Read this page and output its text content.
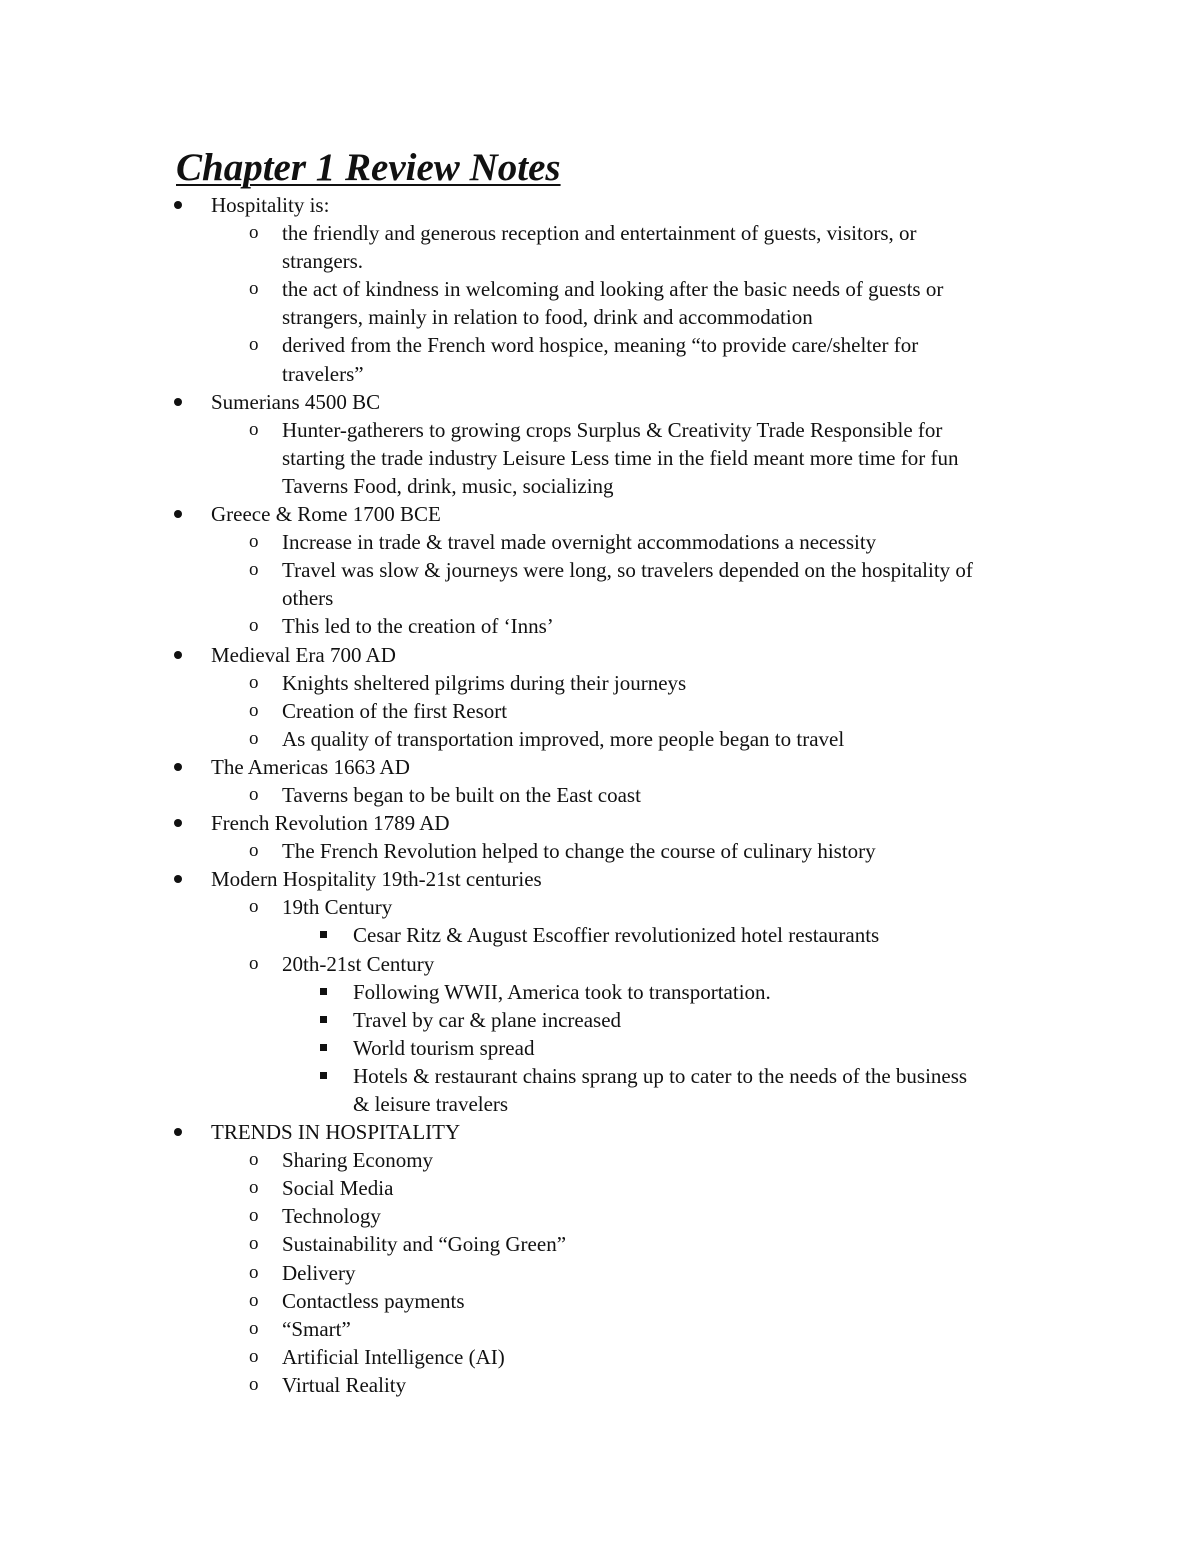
Chapter 1 Review Notes
Hospitality is:
o the friendly and generous reception and entertainment of guests, visitors, or
strangers.
o the act of kindness in welcoming and looking after the basic needs of guests or
strangers, mainly in relation to food, drink and accommodation
o derived from the French word hospice, meaning “to provide care/shelter for
travelers”
Sumerians 4500 BC
o Hunter-gatherers to growing crops Surplus & Creativity Trade Responsible for
starting the trade industry Leisure Less time in the field meant more time for fun
Taverns Food, drink, music, socializing
Greece & Rome 1700 BCE
o Increase in trade & travel made overnight accommodations a necessity
o Travel was slow & journeys were long, so travelers depended on the hospitality of
others
o This led to the creation of ‘Inns’
Medieval Era 700 AD
o Knights sheltered pilgrims during their journeys
o Creation of the first Resort
o As quality of transportation improved, more people began to travel
The Americas 1663 AD
o Taverns began to be built on the East coast
French Revolution 1789 AD
o The French Revolution helped to change the course of culinary history
Modern Hospitality 19th-21st centuries
o 19th Century
Cesar Ritz & August Escoffier revolutionized hotel restaurants
o 20th-21st Century
Following WWII, America took to transportation.
Travel by car & plane increased
World tourism spread
Hotels & restaurant chains sprang up to cater to the needs of the business
& leisure travelers
TRENDS IN HOSPITALITY
o Sharing Economy
o Social Media
o Technology
o Sustainability and “Going Green”
o Delivery
o Contactless payments
o “Smart”
o Artificial Intelligence (AI)
o Virtual Reality
